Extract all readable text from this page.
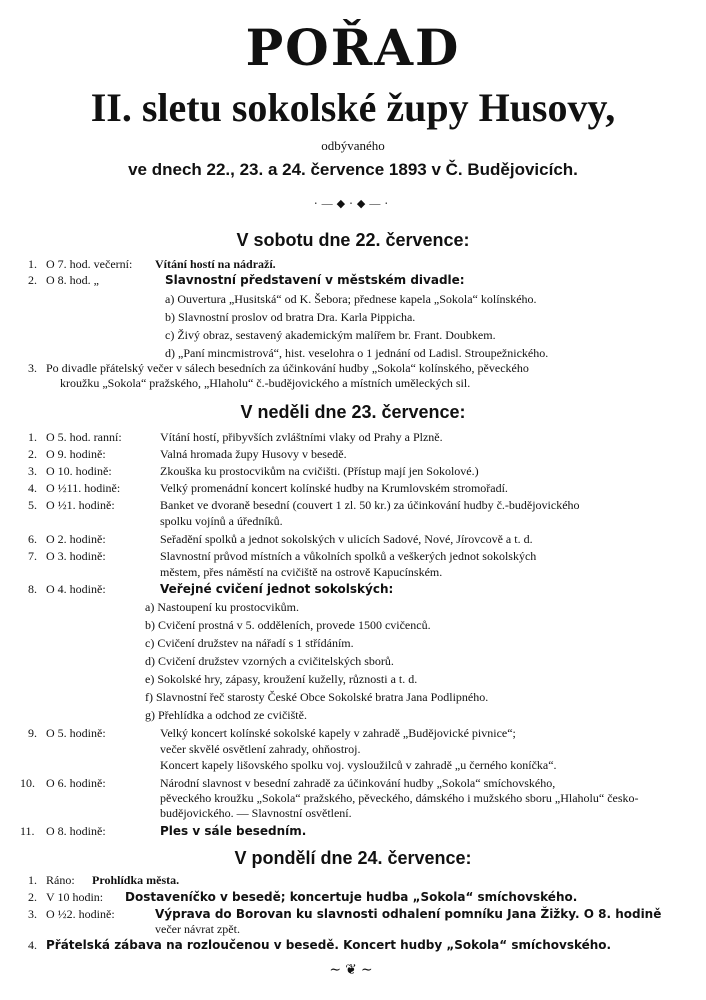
POŘAD
II. sletu sokolské župy Husovy,
odbývaného
ve dnech 22., 23. a 24. července 1893 v Č. Budějovicích.
⋅—◆⋅◆—⋅
V sobotu dne 22. července:
1. O 7. hod. večerní: Vítání hostí na nádraží.
2. O 8. hod. „	Slavnostní představení v městském divadle:
a) Ouvertura „Husitská“ od K. Šebora; přednese kapela „Sokola“ kolínského.
b) Slavnostní proslov od bratra Dra. Karla Pippicha.
c) Živý obraz, sestavený akademickým malířem br. Frant. Doubkem.
d) „Paní mincmistrová“, hist. veselohra o 1 jednání od Ladisl. Stroupežnického.
3. Po divadle přátelský večer v sálech besedních za účinkování hudby „Sokola“ kolínského, pěveckého
kroužku „Sokola“ pražského, „Hlaholu“ č.-budějovického a místních uměleckých sil.
V neděli dne 23. července:
1. O 5. hod. ranní:	Vítání hostí, přibyvších zvláštními vlaky od Prahy a Plzně.
2. O 9. hodině:	Valná hromada župy Husovy v besedě.
3. O 10. hodině:	Zkouška ku prostocvikům na cvičišti. (Přístup mají jen Sokolové.)
4. O ½11. hodině:	Velký promenádní koncert kolínské hudby na Krumlovském stromořadí.
5. O ½1. hodině:	Banket ve dvoraně besední (couvert 1 zl. 50 kr.) za účinkování hudby č.-budějovického
spolku vojínů a úředníků.
6. O 2. hodině:	Seřadění spolků a jednot sokolských v ulicích Sadové, Nové, Jírovcově a t. d.
7. O 3. hodině:	Slavnostní průvod místních a vůkolních spolků a veškerých jednot sokolských
městem, přes náměstí na cvičiště na ostrově Kapucínském.
8. O 4. hodině:	Veřejné cvičení jednot sokolských:
a) Nastoupení ku prostocvikům.
b) Cvičení prostná v 5. odděleních, provede 1500 cvičenců.
c) Cvičení družstev na nářadí s 1 střídáním.
d) Cvičení družstev vzorných a cvičitelských sborů.
e) Sokolské hry, zápasy, kroužení kuželly, různosti a t. d.
f) Slavnostní řeč starosty České Obce Sokolské bratra Jana Podlipného.
g) Přehlídka a odchod ze cvičiště.
9. O 5. hodině:	Velký koncert kolínské sokolské kapely v zahradě „Budějovické pivnice“;
večer skvělé osvětlení zahrady, ohňostroj.
Koncert kapely lišovského spolku voj. vysloužilců v zahradě „u černého koníčka“.
10. O 6. hodině:	Národní slavnost v besední zahradě za účinkování hudby „Sokola“ smíchovského,
pěveckého kroužku „Sokola“ pražského, pěveckého, dámského i mužského sboru „Hlaholu“ česko-
budějovického. — Slavnostní osvětlení.
11. O 8. hodině:	Ples v sále besedním.
V pondělí dne 24. července:
1. Ráno: Prohlídka města.
2. V 10 hodin: Dostaveníčko v besedě; koncertuje hudba „Sokola“ smíchovského.
3. O ½2. hodině:	Výprava do Borovan ku slavnosti odhalení pomníku Jana Žižky. O 8. hodině
večer návrat zpět.
4. Přátelská zábava na rozloučenou v besedě. Koncert hudby „Sokola“ smíchovského.
∼❦∼
